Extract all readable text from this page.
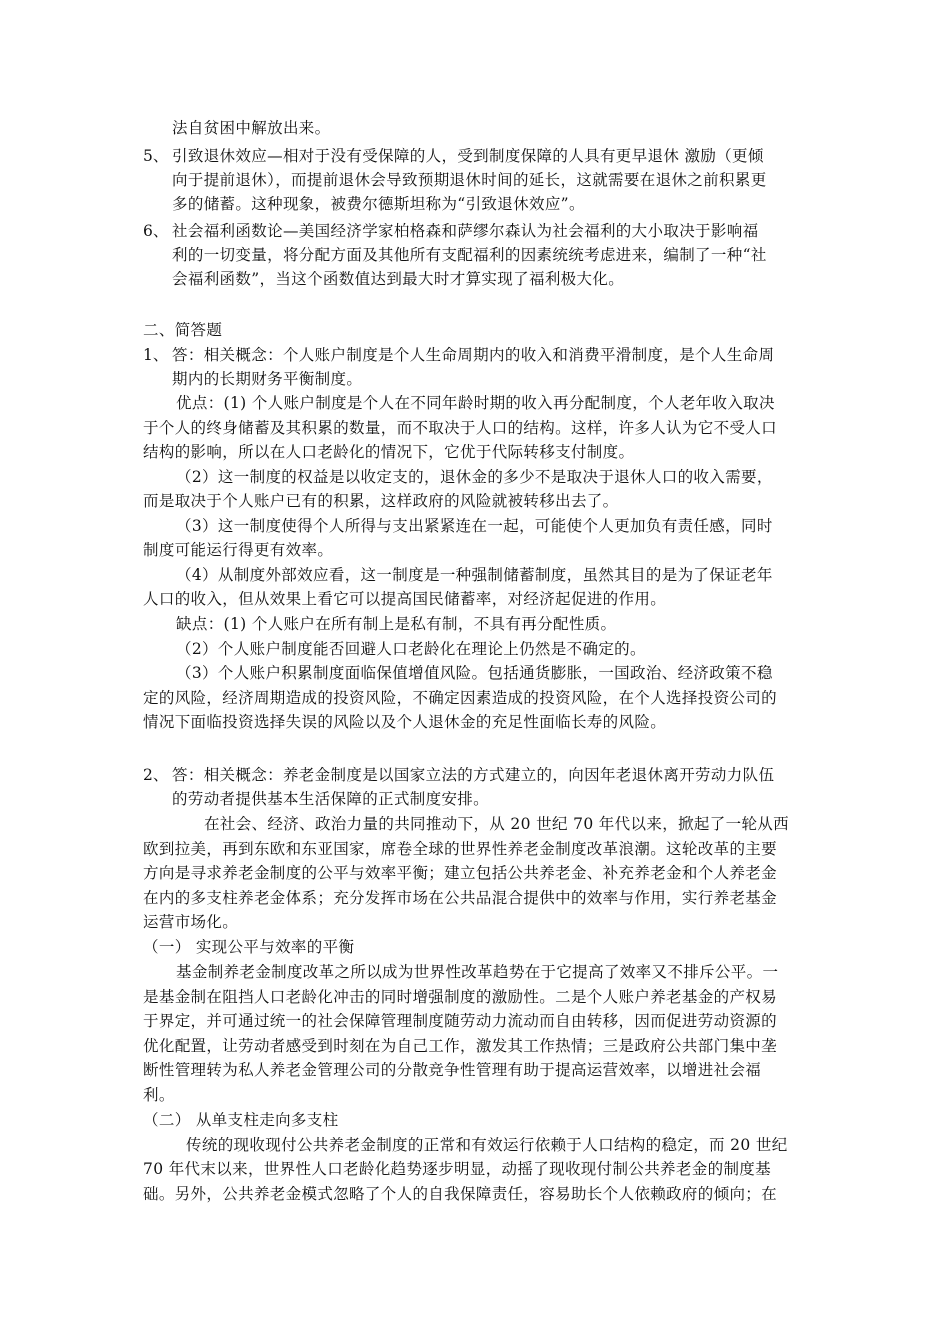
法自贫困中解放出来。
5、 引致退休效应—相对于没有受保障的人，受到制度保障的人具有更早退休 激励（更倾
向于提前退休），而提前退休会导致预期退休时间的延长，这就需要在退休之前积累更
多的储蓄。这种现象，被费尔德斯坦称为“引致退休效应”。
6、 社会福利函数论—美国经济学家柏格森和萨缪尔森认为社会福利的大小取决于影响福
利的一切变量，将分配方面及其他所有支配福利的因素统统考虑进来，编制了一种“社
会福利函数”，当这个函数值达到最大时才算实现了福利极大化。
二、简答题
1、 答：相关概念：个人账户制度是个人生命周期内的收入和消费平滑制度，是个人生命周
期内的长期财务平衡制度。
优点：(1) 个人账户制度是个人在不同年龄时期的收入再分配制度，个人老年收入取决
于个人的终身储蓄及其积累的数量，而不取决于人口的结构。这样，许多人认为它不受人口
结构的影响，所以在人口老龄化的情况下，它优于代际转移支付制度。
（2）这一制度的权益是以收定支的，退休金的多少不是取决于退休人口的收入需要，
而是取决于个人账户已有的积累，这样政府的风险就被转移出去了。
（3）这一制度使得个人所得与支出紧紧连在一起，可能使个人更加负有责任感，同时
制度可能运行得更有效率。
（4）从制度外部效应看，这一制度是一种强制储蓄制度，虽然其目的是为了保证老年
人口的收入，但从效果上看它可以提高国民储蓄率，对经济起促进的作用。
缺点：(1) 个人账户在所有制上是私有制，不具有再分配性质。
（2）个人账户制度能否回避人口老龄化在理论上仍然是不确定的。
（3）个人账户积累制度面临保值增值风险。包括通货膨胀，一国政治、经济政策不稳
定的风险，经济周期造成的投资风险，不确定因素造成的投资风险，在个人选择投资公司的
情况下面临投资选择失误的风险以及个人退休金的充足性面临长寿的风险。
2、 答：相关概念：养老金制度是以国家立法的方式建立的，向因年老退休离开劳动力队伍
的劳动者提供基本生活保障的正式制度安排。
在社会、经济、政治力量的共同推动下，从 20 世纪 70 年代以来，掀起了一轮从西
欧到拉美，再到东欧和东亚国家，席卷全球的世界性养老金制度改革浪潮。这轮改革的主要
方向是寻求养老金制度的公平与效率平衡；建立包括公共养老金、补充养老金和个人养老金
在内的多支柱养老金体系；充分发挥市场在公共品混合提供中的效率与作用，实行养老基金
运营市场化。
（一） 实现公平与效率的平衡
基金制养老金制度改革之所以成为世界性改革趋势在于它提高了效率又不排斥公平。一
是基金制在阻挡人口老龄化冲击的同时增强制度的激励性。二是个人账户养老基金的产权易
于界定，并可通过统一的社会保障管理制度随劳动力流动而自由转移，因而促进劳动资源的
优化配置，让劳动者感受到时刻在为自己工作，激发其工作热情；三是政府公共部门集中垄
断性管理转为私人养老金管理公司的分散竞争性管理有助于提高运营效率，以增进社会福
利。
（二） 从单支柱走向多支柱
传统的现收现付公共养老金制度的正常和有效运行依赖于人口结构的稳定，而 20 世纪
70 年代末以来，世界性人口老龄化趋势逐步明显，动摇了现收现付制公共养老金的制度基
础。另外，公共养老金模式忽略了个人的自我保障责任，容易助长个人依赖政府的倾向；在
